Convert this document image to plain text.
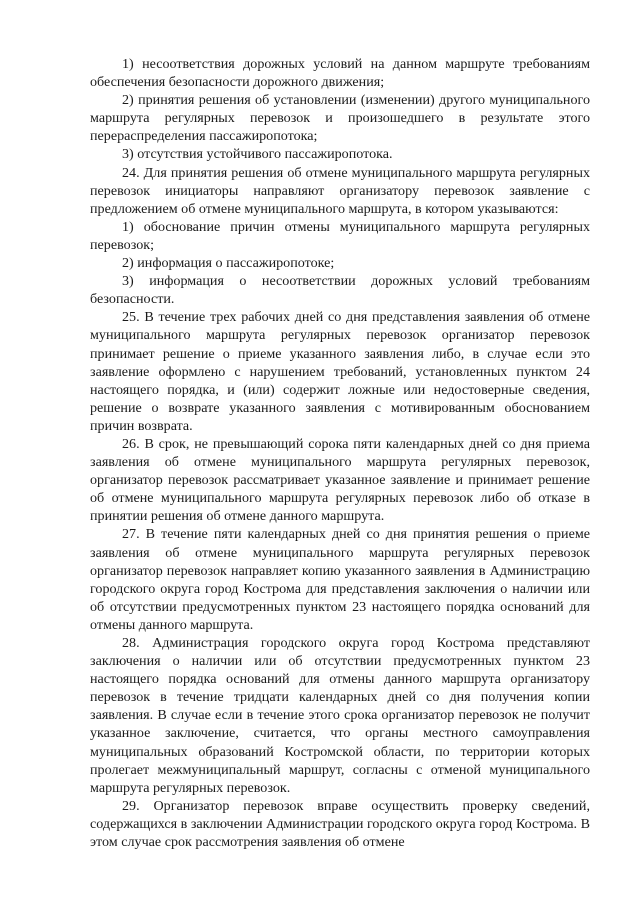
1) несоответствия дорожных условий на данном маршруте требованиям обеспечения безопасности дорожного движения;

2) принятия решения об установлении (изменении) другого муниципального маршрута регулярных перевозок и произошедшего в результате этого перераспределения пассажиропотока;

3) отсутствия устойчивого пассажиропотока.

24. Для принятия решения об отмене муниципального маршрута регулярных перевозок инициаторы направляют организатору перевозок заявление с предложением об отмене муниципального маршрута, в котором указываются:

1) обоснование причин отмены муниципального маршрута регулярных перевозок;

2) информация о пассажиропотоке;

3) информация о несоответствии дорожных условий требованиям безопасности.

25. В течение трех рабочих дней со дня представления заявления об отмене муниципального маршрута регулярных перевозок организатор перевозок принимает решение о приеме указанного заявления либо, в случае если это заявление оформлено с нарушением требований, установленных пунктом 24 настоящего порядка, и (или) содержит ложные или недостоверные сведения, решение о возврате указанного заявления с мотивированным обоснованием причин возврата.

26. В срок, не превышающий сорока пяти календарных дней со дня приема заявления об отмене муниципального маршрута регулярных перевозок, организатор перевозок рассматривает указанное заявление и принимает решение об отмене муниципального маршрута регулярных перевозок либо об отказе в принятии решения об отмене данного маршрута.

27. В течение пяти календарных дней со дня принятия решения о приеме заявления об отмене муниципального маршрута регулярных перевозок организатор перевозок направляет копию указанного заявления в Администрацию городского округа город Кострома для представления заключения о наличии или об отсутствии предусмотренных пунктом 23 настоящего порядка оснований для отмены данного маршрута.

28. Администрация городского округа город Кострома представляют заключения о наличии или об отсутствии предусмотренных пунктом 23 настоящего порядка оснований для отмены данного маршрута организатору перевозок в течение тридцати календарных дней со дня получения копии заявления. В случае если в течение этого срока организатор перевозок не получит указанное заключение, считается, что органы местного самоуправления муниципальных образований Костромской области, по территории которых пролегает межмуниципальный маршрут, согласны с отменой муниципального маршрута регулярных перевозок.

29. Организатор перевозок вправе осуществить проверку сведений, содержащихся в заключении Администрации городского округа город Кострома. В этом случае срок рассмотрения заявления об отмене
